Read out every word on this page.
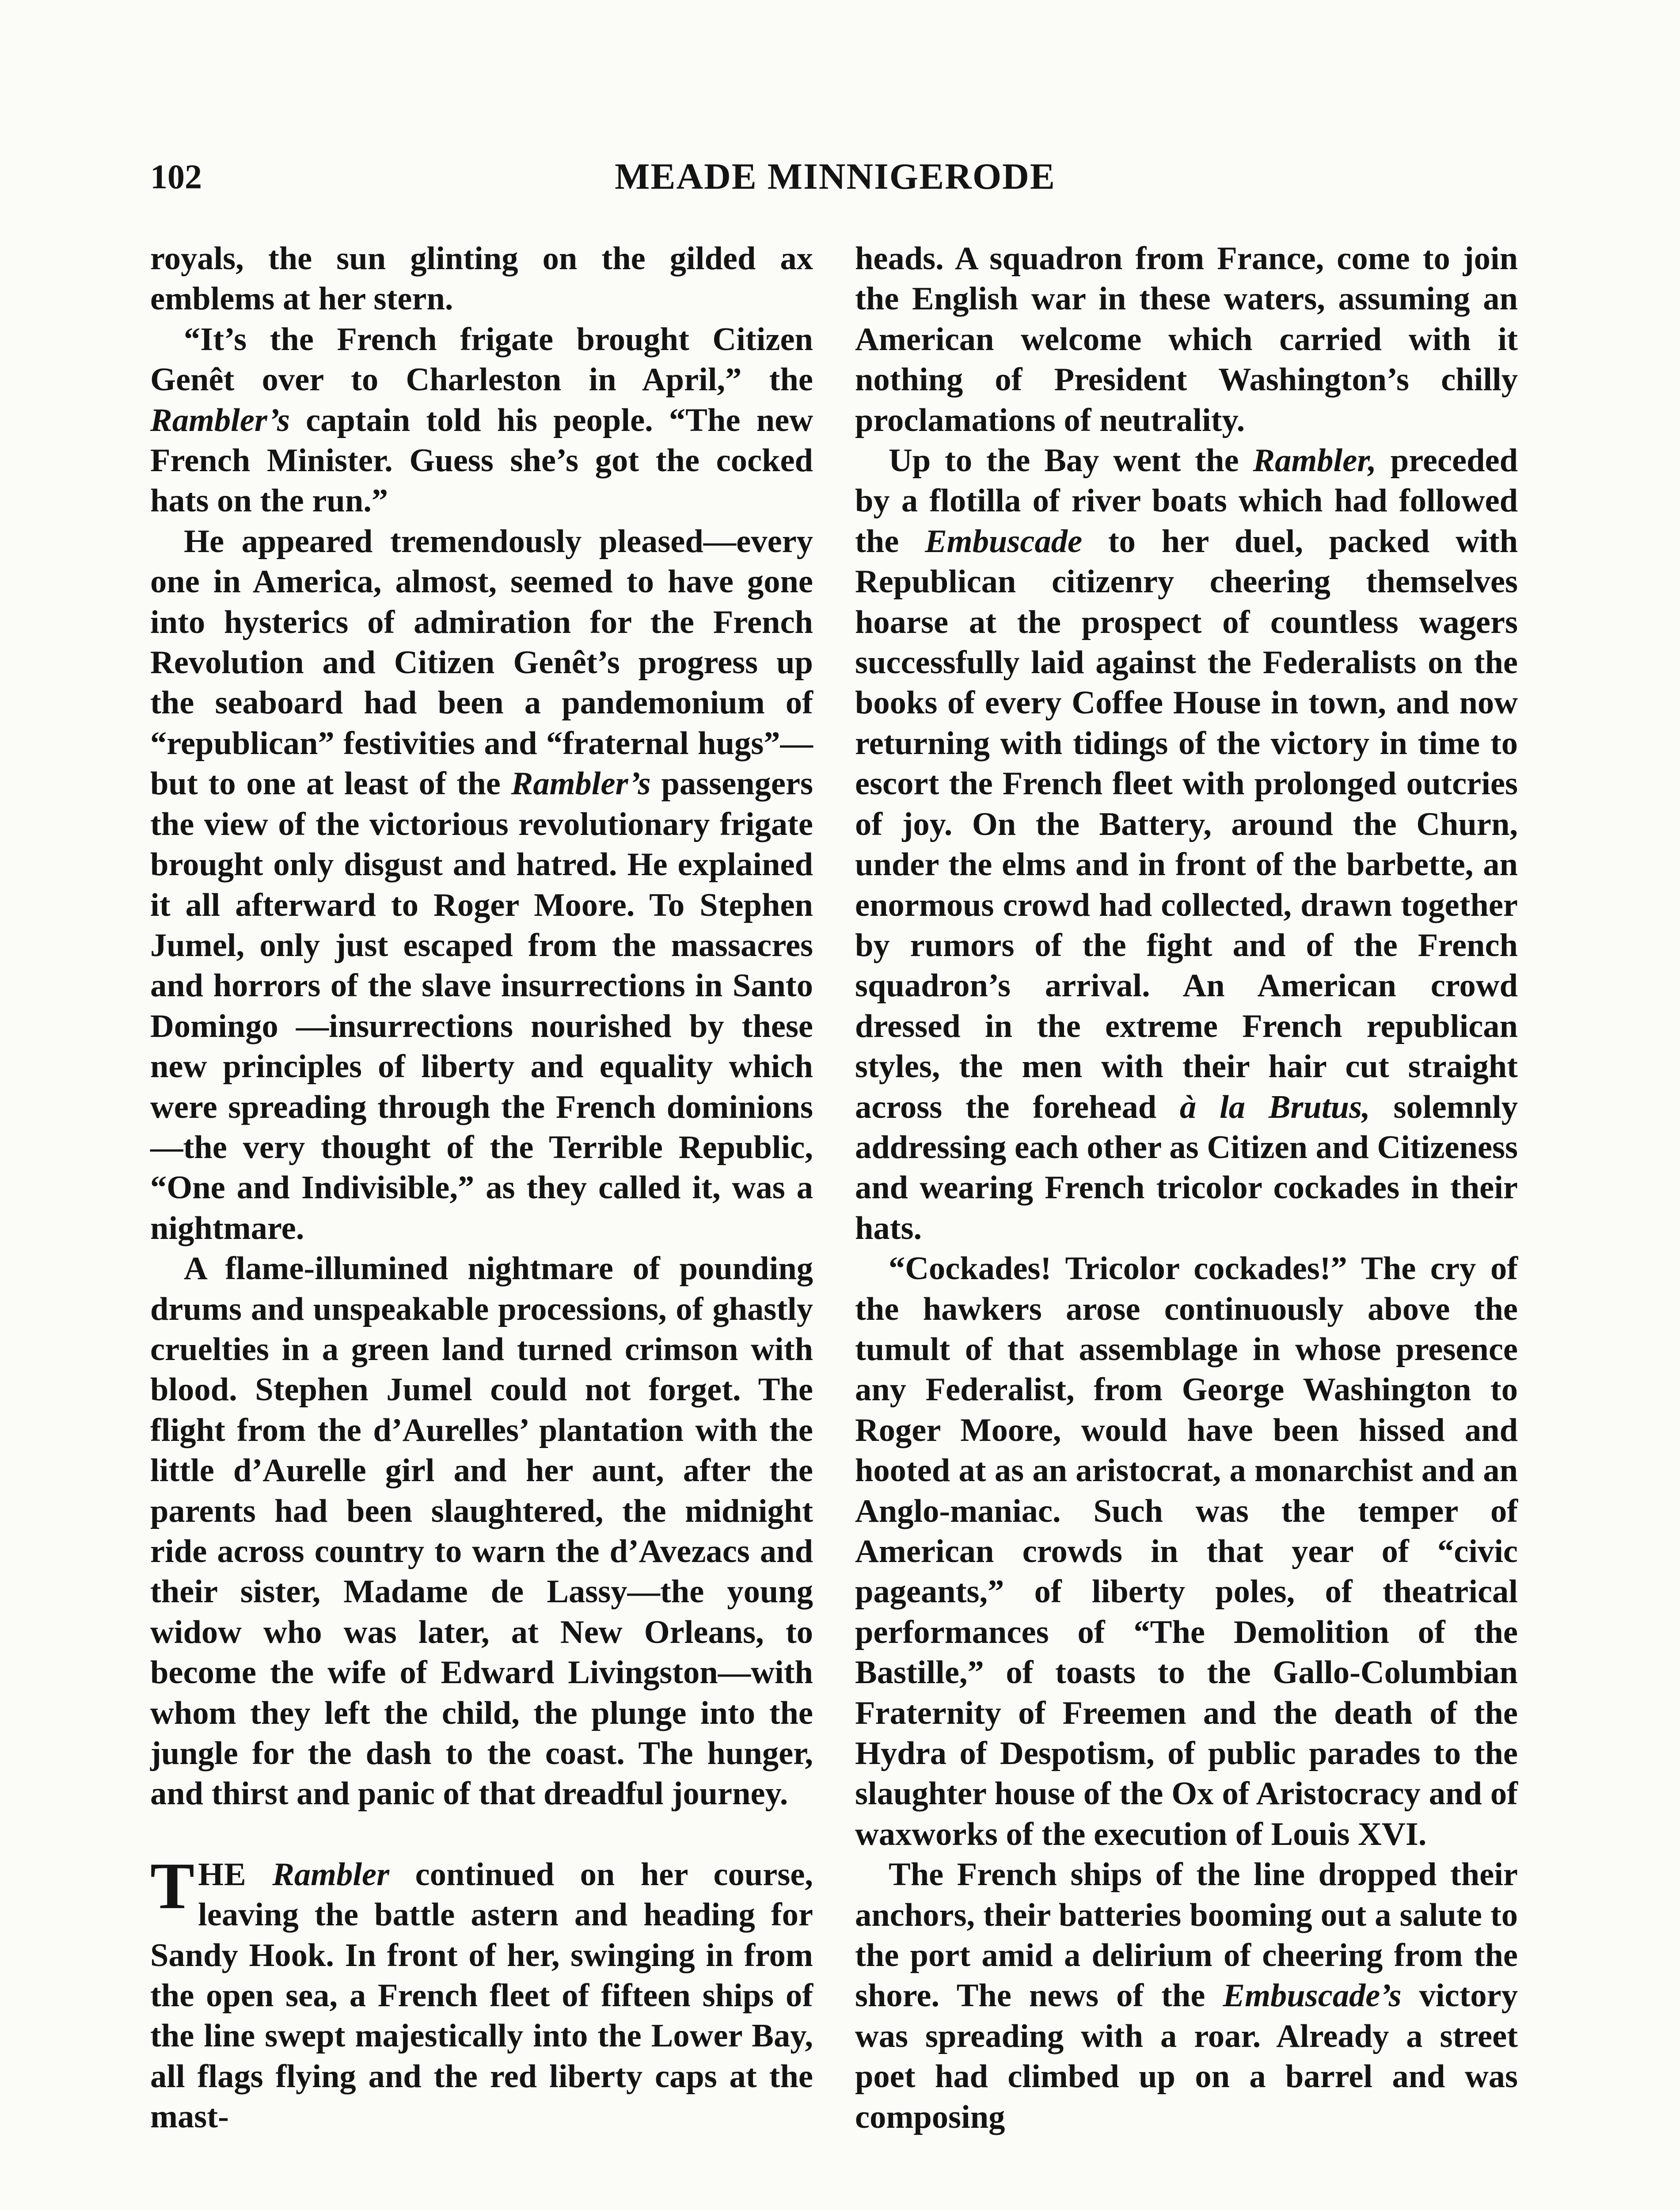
102	MEADE MINNIGERODE

royals, the sun glinting on the gilded ax emblems at her stern.

“It’s the French frigate brought Citizen Genêt over to Charleston in April,” the Rambler’s captain told his people. “The new French Minister. Guess she’s got the cocked hats on the run.”

He appeared tremendously pleased—every one in America, almost, seemed to have gone into hysterics of admiration for the French Revolution and Citizen Genêt’s progress up the seaboard had been a pandemonium of “republican” festivities and “fraternal hugs”—but to one at least of the Rambler’s passengers the view of the victorious revolutionary frigate brought only disgust and hatred. He explained it all afterward to Roger Moore. To Stephen Jumel, only just escaped from the massacres and horrors of the slave insurrections in Santo Domingo —insurrections nourished by these new principles of liberty and equality which were spreading through the French dominions—the very thought of the Terrible Republic, “One and Indivisible,” as they called it, was a nightmare.

A flame-illumined nightmare of pounding drums and unspeakable processions, of ghastly cruelties in a green land turned crimson with blood. Stephen Jumel could not forget. The flight from the d’Aurelles’ plantation with the little d’Aurelle girl and her aunt, after the parents had been slaughtered, the midnight ride across country to warn the d’Avezacs and their sister, Madame de Lassy—the young widow who was later, at New Orleans, to become the wife of Edward Livingston—with whom they left the child, the plunge into the jungle for the dash to the coast. The hunger, and thirst and panic of that dreadful journey.

THE Rambler continued on her course, leaving the battle astern and heading for Sandy Hook. In front of her, swinging in from the open sea, a French fleet of fifteen ships of the line swept majestically into the Lower Bay, all flags flying and the red liberty caps at the mast-

heads. A squadron from France, come to join the English war in these waters, assuming an American welcome which carried with it nothing of President Washington’s chilly proclamations of neutrality.

Up to the Bay went the Rambler, preceded by a flotilla of river boats which had followed the Embuscade to her duel, packed with Republican citizenry cheering themselves hoarse at the prospect of countless wagers successfully laid against the Federalists on the books of every Coffee House in town, and now returning with tidings of the victory in time to escort the French fleet with prolonged outcries of joy. On the Battery, around the Churn, under the elms and in front of the barbette, an enormous crowd had collected, drawn together by rumors of the fight and of the French squadron’s arrival. An American crowd dressed in the extreme French republican styles, the men with their hair cut straight across the forehead à la Brutus, solemnly addressing each other as Citizen and Citizeness and wearing French tricolor cockades in their hats.

“Cockades! Tricolor cockades!” The cry of the hawkers arose continuously above the tumult of that assemblage in whose presence any Federalist, from George Washington to Roger Moore, would have been hissed and hooted at as an aristocrat, a monarchist and an Anglo-maniac. Such was the temper of American crowds in that year of “civic pageants,” of liberty poles, of theatrical performances of “The Demolition of the Bastille,” of toasts to the Gallo-Columbian Fraternity of Freemen and the death of the Hydra of Despotism, of public parades to the slaughter house of the Ox of Aristocracy and of waxworks of the execution of Louis XVI.

The French ships of the line dropped their anchors, their batteries booming out a salute to the port amid a delirium of cheering from the shore. The news of the Embuscade’s victory was spreading with a roar. Already a street poet had climbed up on a barrel and was composing
